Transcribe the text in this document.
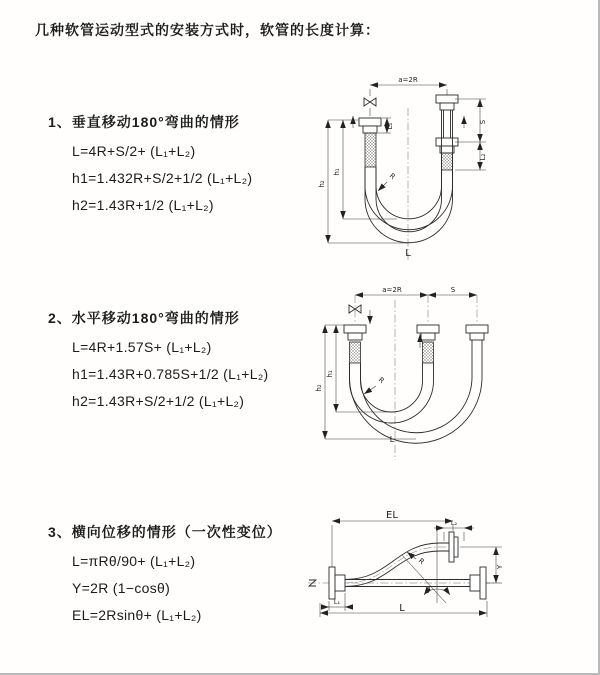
几种软管运动型式的安装方式时，软管的长度计算：
1、垂直移动180°弯曲的情形
L=4R+S/2+ (L₁+L₂)
h1=1.432R+S/2+1/2 (L₁+L₂)
h2=1.43R+1/2 (L₁+L₂)
a=2R
S
L₂
L₁
h₁
h₂
R
L
2、水平移动180°弯曲的情形
L=4R+1.57S+ (L₁+L₂)
h1=1.43R+0.785S+1/2 (L₁+L₂)
h2=1.43R+S/2+1/2 (L₁+L₂)
a=2R	S
h₁
h₂
R
L
3、横向位移的情形（一次性变位）
L=πRθ/90+ (L₁+L₂)
Y=2R (1−cosθ)
EL=2Rsinθ+ (L₁+L₂)
EL
L₂
Y
θ
R
L₁
L
